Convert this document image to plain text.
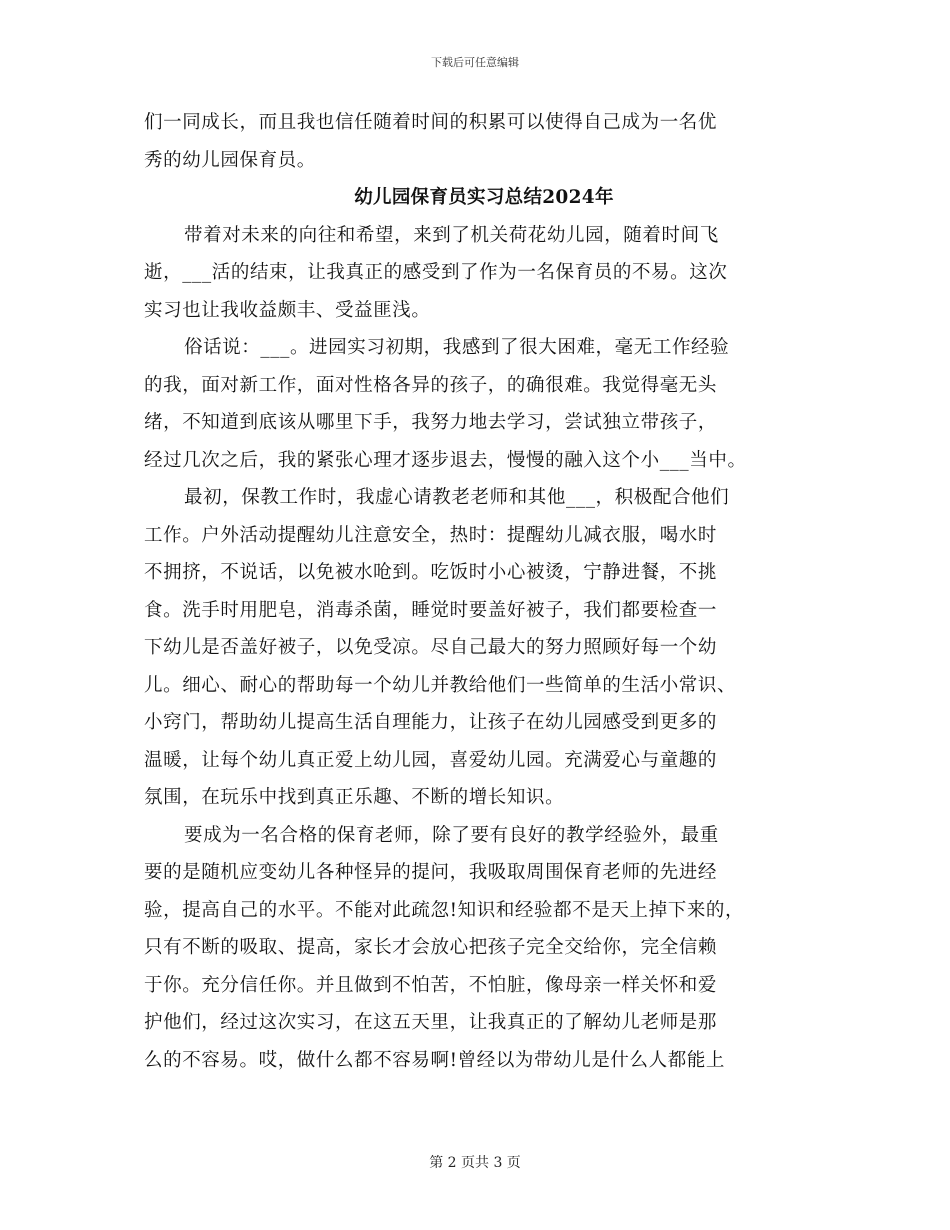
下载后可任意编辑
们一同成长，而且我也信任随着时间的积累可以使得自己成为一名优
秀的幼儿园保育员。
幼儿园保育员实习总结2024年
带着对未来的向往和希望，来到了机关荷花幼儿园，随着时间飞
逝，___活的结束，让我真正的感受到了作为一名保育员的不易。这次
实习也让我收益颇丰、受益匪浅。
俗话说：___。进园实习初期，我感到了很大困难，毫无工作经验
的我，面对新工作，面对性格各异的孩子，的确很难。我觉得毫无头
绪，不知道到底该从哪里下手，我努力地去学习，尝试独立带孩子，
经过几次之后，我的紧张心理才逐步退去，慢慢的融入这个小___当中。
最初，保教工作时，我虚心请教老老师和其他___，积极配合他们
工作。户外活动提醒幼儿注意安全，热时：提醒幼儿减衣服，喝水时
不拥挤，不说话，以免被水呛到。吃饭时小心被烫，宁静进餐，不挑
食。洗手时用肥皂，消毒杀菌，睡觉时要盖好被子，我们都要检查一
下幼儿是否盖好被子，以免受凉。尽自己最大的努力照顾好每一个幼
儿。细心、耐心的帮助每一个幼儿并教给他们一些简单的生活小常识、
小窍门，帮助幼儿提高生活自理能力，让孩子在幼儿园感受到更多的
温暖，让每个幼儿真正爱上幼儿园，喜爱幼儿园。充满爱心与童趣的
氛围，在玩乐中找到真正乐趣、不断的增长知识。
要成为一名合格的保育老师，除了要有良好的教学经验外，最重
要的是随机应变幼儿各种怪异的提问，我吸取周围保育老师的先进经
验，提高自己的水平。不能对此疏忽!知识和经验都不是天上掉下来的，
只有不断的吸取、提高，家长才会放心把孩子完全交给你，完全信赖
于你。充分信任你。并且做到不怕苦，不怕脏，像母亲一样关怀和爱
护他们，经过这次实习，在这五天里，让我真正的了解幼儿老师是那
么的不容易。哎，做什么都不容易啊!曾经以为带幼儿是什么人都能上
第 2 页共 3 页
